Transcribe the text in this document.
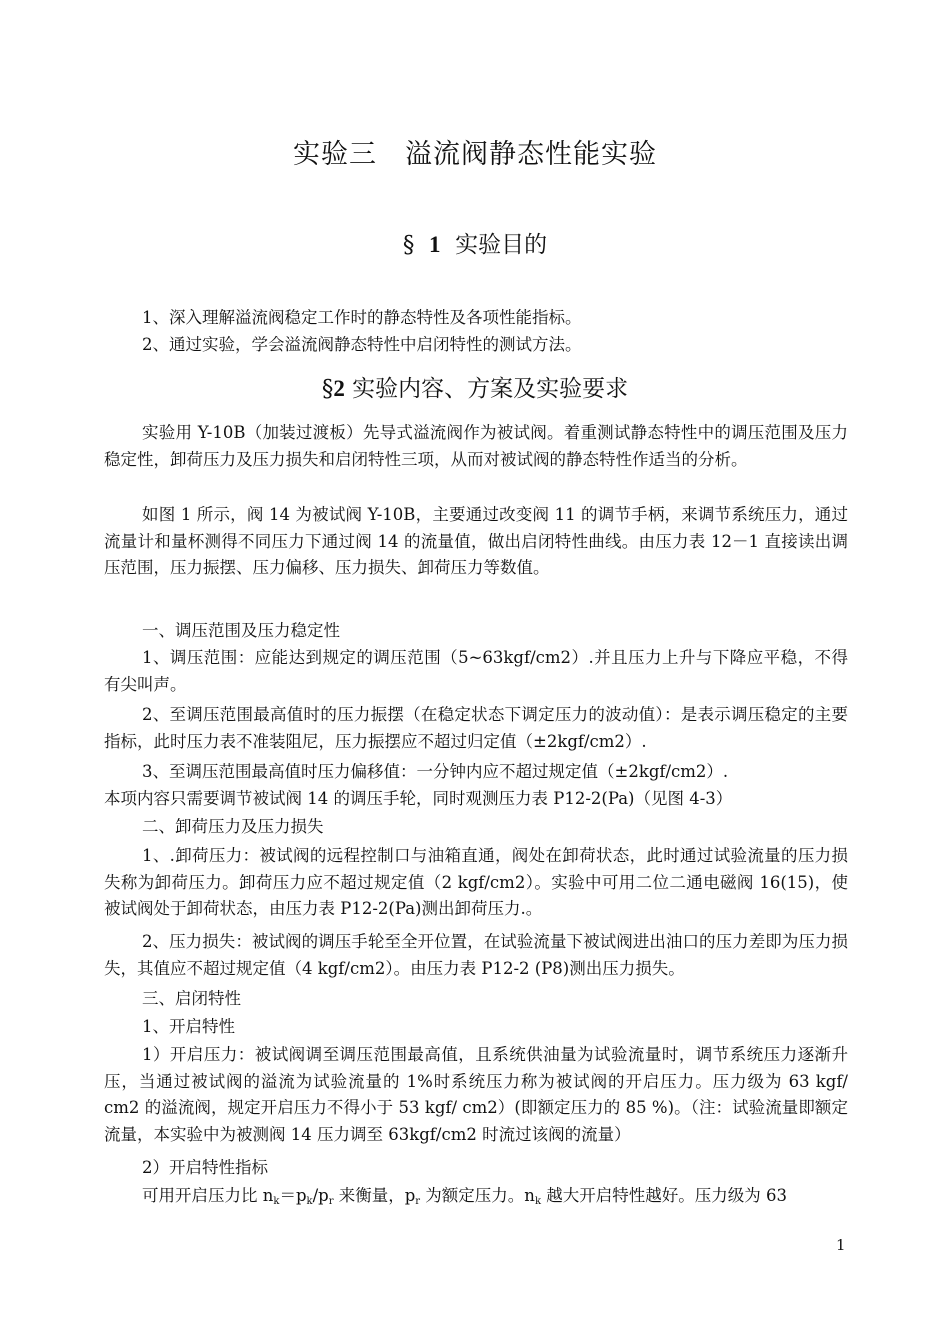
实验三　溢流阀静态性能实验
§ 1 实验目的

1、深入理解溢流阀稳定工作时的静态特性及各项性能指标。

2、通过实验，学会溢流阀静态特性中启闭特性的测试方法。

§2 实验内容、方案及实验要求

实验用 Y-10B（加装过渡板）先导式溢流阀作为被试阀。着重测试静态特性中的调压范围及压力稳定性，卸荷压力及压力损失和启闭特性三项，从而对被试阀的静态特性作适当的分析。

如图 1 所示，阀 14 为被试阀 Y-10B，主要通过改变阀 11 的调节手柄，来调节系统压力，通过流量计和量杯测得不同压力下通过阀 14 的流量值，做出启闭特性曲线。由压力表 12－1 直接读出调压范围，压力振摆、压力偏移、压力损失、卸荷压力等数值。

一、调压范围及压力稳定性

1、调压范围：应能达到规定的调压范围（5~63kgf/cm2）.并且压力上升与下降应平稳，不得有尖叫声。

2、至调压范围最高值时的压力振摆（在稳定状态下调定压力的波动值）：是表示调压稳定的主要指标，此时压力表不准装阻尼，压力振摆应不超过归定值（±2kgf/cm2）.

3、至调压范围最高值时压力偏移值：一分钟内应不超过规定值（±2kgf/cm2）.

本项内容只需要调节被试阀 14 的调压手轮，同时观测压力表 P12-2(Pa)（见图 4-3）

二、卸荷压力及压力损失

1、.卸荷压力：被试阀的远程控制口与油箱直通，阀处在卸荷状态，此时通过试验流量的压力损失称为卸荷压力。卸荷压力应不超过规定值（2 kgf/cm2）。实验中可用二位二通电磁阀 16(15)，使被试阀处于卸荷状态，由压力表 P12-2(Pa)测出卸荷压力.。

2、压力损失：被试阀的调压手轮至全开位置，在试验流量下被试阀进出油口的压力差即为压力损失，其值应不超过规定值（4 kgf/cm2）。由压力表 P12-2 (P8)测出压力损失。

三、启闭特性

1、开启特性

1）开启压力：被试阀调至调压范围最高值，且系统供油量为试验流量时，调节系统压力逐渐升压，当通过被试阀的溢流为试验流量的 1%时系统压力称为被试阀的开启压力。压力级为 63 kgf/ cm2 的溢流阀，规定开启压力不得小于 53 kgf/ cm2）(即额定压力的 85 %)。（注：试验流量即额定流量，本实验中为被测阀 14 压力调至 63kgf/cm2 时流过该阀的流量）

2）开启特性指标

可用开启压力比 $n_k=p_k/p_r$ 来衡量，$p_r$ 为额定压力。$n_k$ 越大开启特性越好。压力级为 63

1
